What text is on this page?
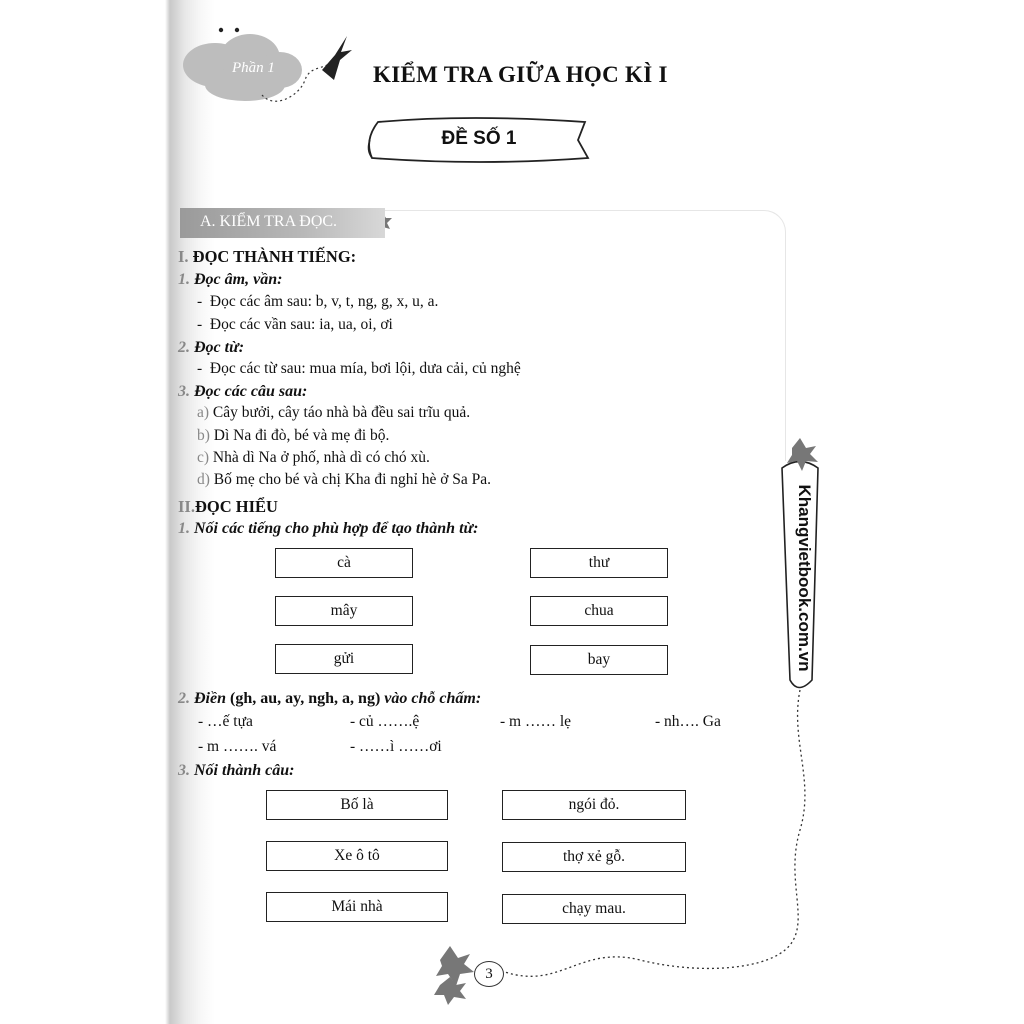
Phần 1	KIỂM TRA GIỮA HỌC KÌ I
ĐỀ SỐ 1
A. KIỂM TRA ĐỌC.
I. ĐỌC THÀNH TIẾNG:
1. Đọc âm, vần:
-  Đọc các âm sau: b, v, t, ng, g, x, u, a.
-  Đọc các vần sau: ia, ua, oi, ơi
2. Đọc từ:
-  Đọc các từ sau: mua mía, bơi lội, dưa cải, củ nghệ
3. Đọc các câu sau:
a) Cây bưởi, cây táo nhà bà đều sai trĩu quả.
b) Dì Na đi đò, bé và mẹ đi bộ.
c) Nhà dì Na ở phố, nhà dì có chó xù.
d) Bố mẹ cho bé và chị Kha đi nghỉ hè ở Sa Pa.
II.ĐỌC HIỂU
1. Nối các tiếng cho phù hợp để tạo thành từ:
cà
mây
gửi
thư
chua
bay
2. Điền (gh, au, ay, ngh, a, ng) vào chỗ chấm:
- …ế tựa	- củ …….ệ	- m …… lẹ	- nh…. Ga
- m ……. vá	- ……ì ……ơi
3. Nối thành câu:
Bố là
Xe ô tô
Mái nhà
ngói đỏ.
thợ xẻ gỗ.
chạy mau.
Khangvietbook.com.vn
3
